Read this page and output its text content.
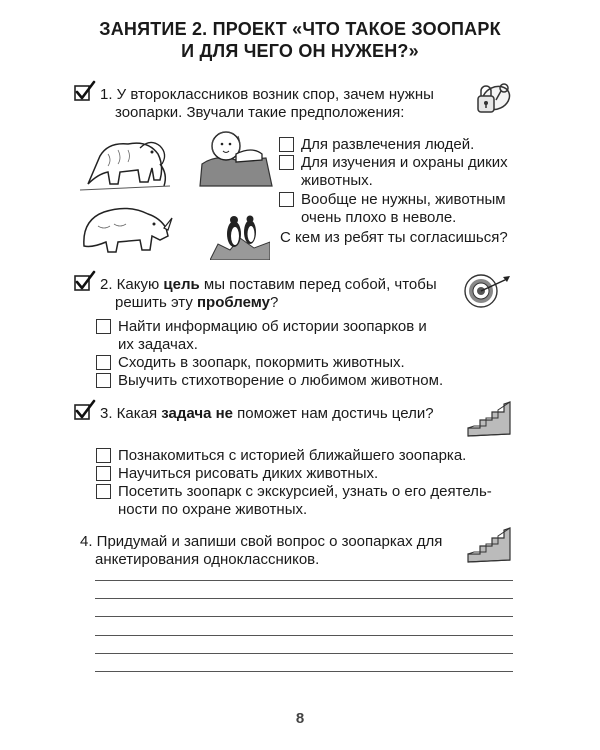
ЗАНЯТИЕ 2. ПРОЕКТ «ЧТО ТАКОЕ ЗООПАРК
И ДЛЯ ЧЕГО ОН НУЖЕН?»
1. У второклассников возник спор, зачем нужны
зоопарки. Звучали такие предположения:
Для развлечения людей.
Для изучения и охраны диких
животных.
Вообще не нужны, животным
очень плохо в неволе.
С кем из ребят ты согласишься?
2. Какую цель мы поставим перед собой, чтобы
решить эту проблему?
Найти информацию об истории зоопарков и
их задачах.
Сходить в зоопарк, покормить животных.
Выучить стихотворение о любимом животном.
3. Какая задача не поможет нам достичь цели?
Познакомиться с историей ближайшего зоопарка.
Научиться рисовать диких животных.
Посетить зоопарк с экскурсией, узнать о его деятель-
ности по охране животных.
4. Придумай и запиши свой вопрос о зоопарках для
анкетирования одноклассников.
8
